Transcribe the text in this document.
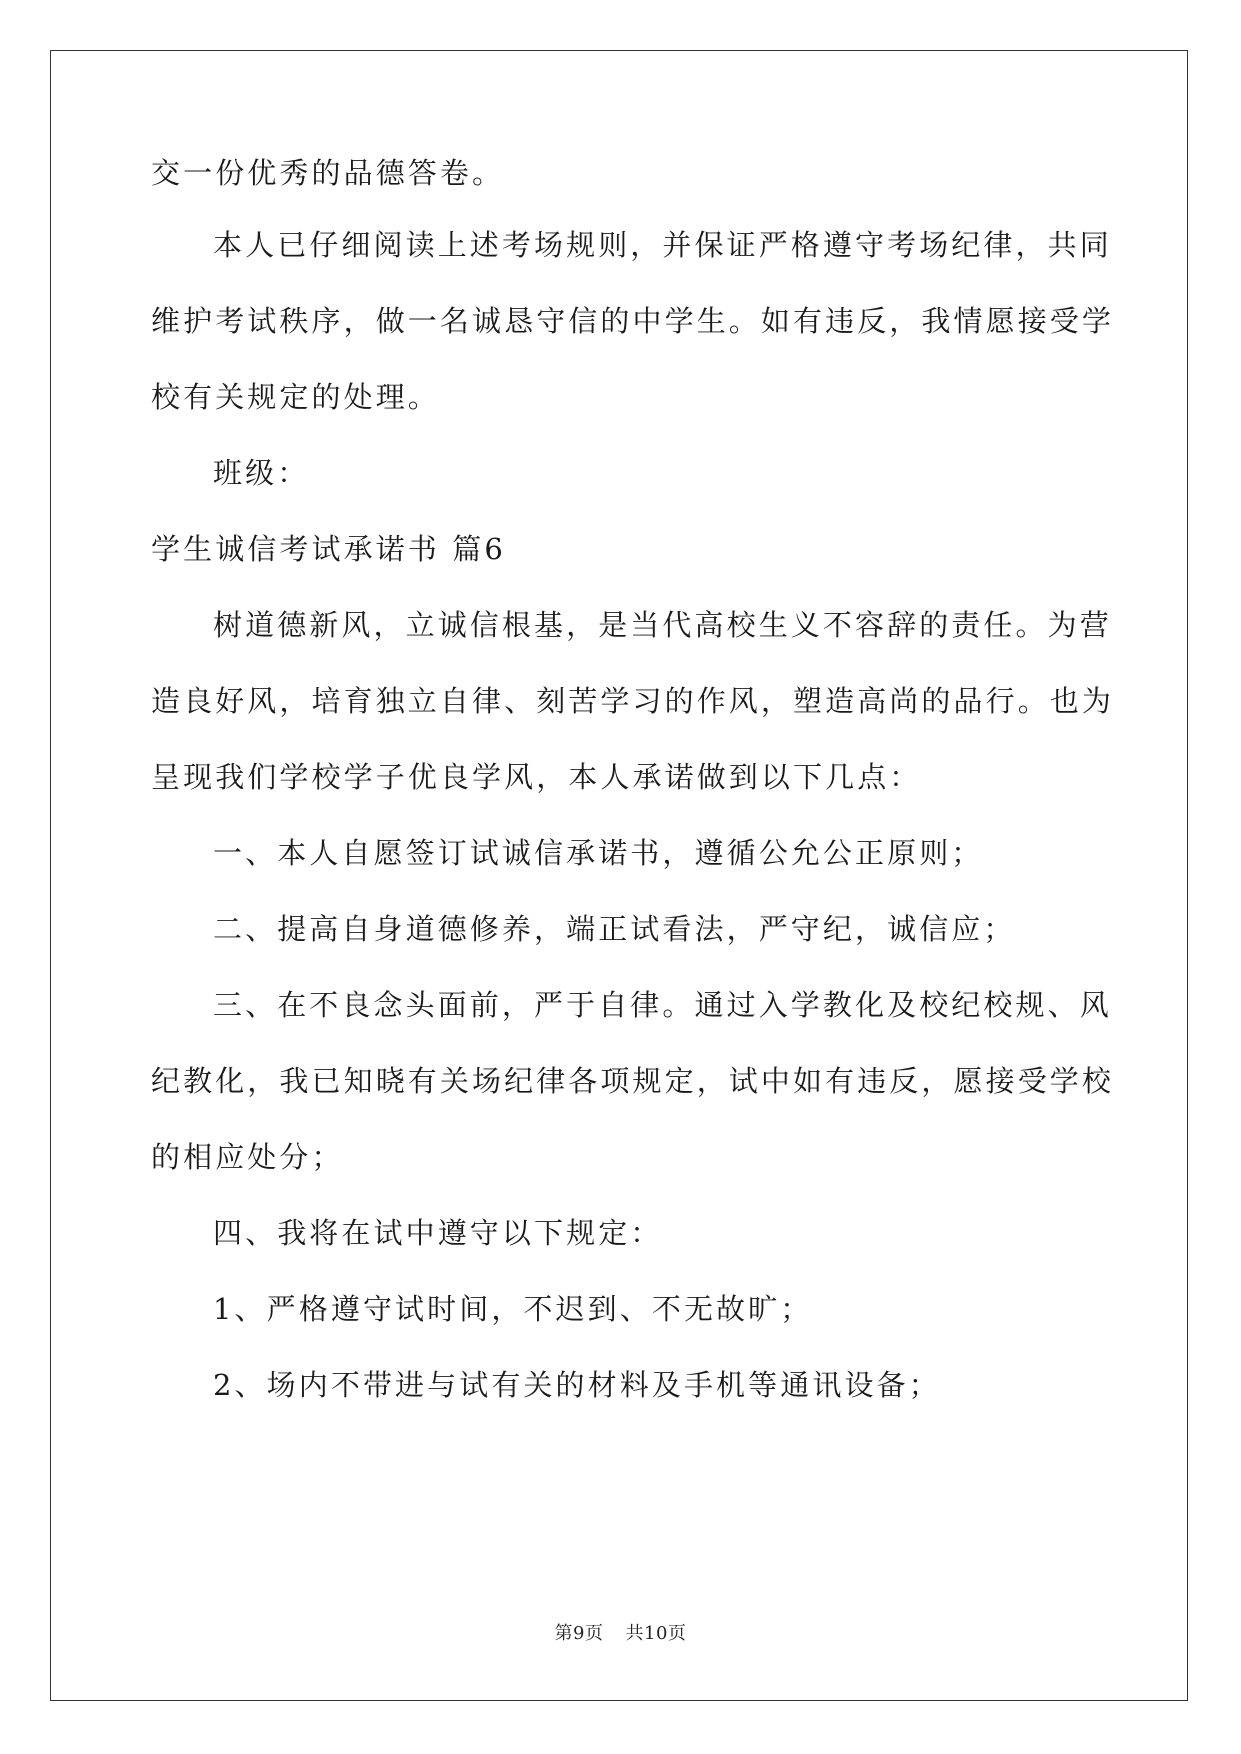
交一份优秀的品德答卷。
本人已仔细阅读上述考场规则，并保证严格遵守考场纪律，共同
维护考试秩序，做一名诚恳守信的中学生。如有违反，我情愿接受学
校有关规定的处理。
班级：
学生诚信考试承诺书 篇6
树道德新风，立诚信根基，是当代高校生义不容辞的责任。为营
造良好风，培育独立自律、刻苦学习的作风，塑造高尚的品行。也为
呈现我们学校学子优良学风，本人承诺做到以下几点：
一、本人自愿签订试诚信承诺书，遵循公允公正原则；
二、提高自身道德修养，端正试看法，严守纪，诚信应；
三、在不良念头面前，严于自律。通过入学教化及校纪校规、风
纪教化，我已知晓有关场纪律各项规定，试中如有违反，愿接受学校
的相应处分；
四、我将在试中遵守以下规定：
1、严格遵守试时间，不迟到、不无故旷；
2、场内不带进与试有关的材料及手机等通讯设备；
第9页 共10页
